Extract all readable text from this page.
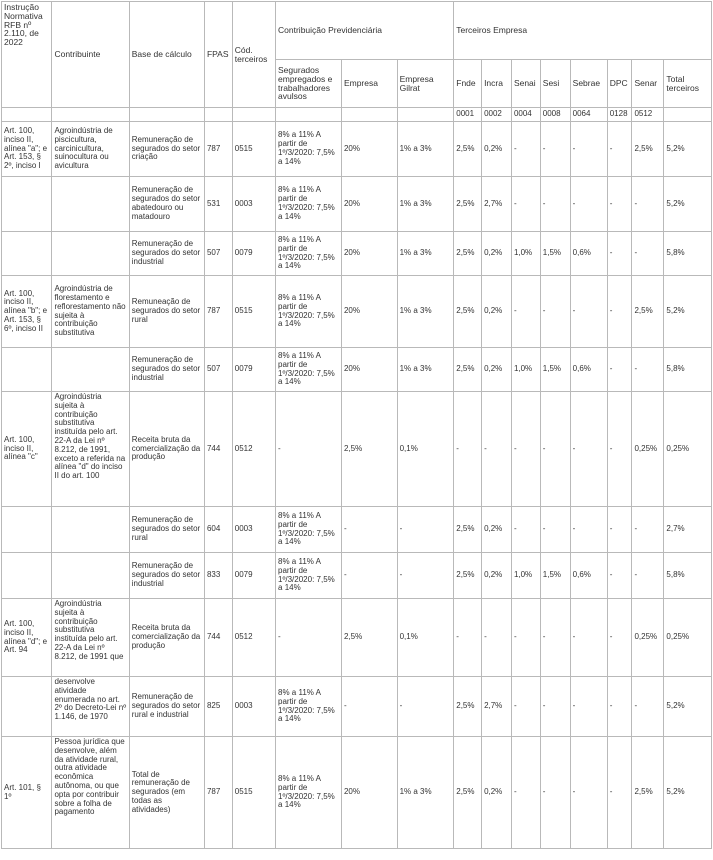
Instrução Normativa RFB nº 2.110, de 2022	Contribuinte	Base de cálculo	FPAS	Cód. terceiros	Contribuição Previdenciária			Terceiros Empresa							
					Segurados empregados e trabalhadores avulsos	Empresa	Empresa Gilrat	Fnde	Incra	Senai	Sesi	Sebrae	DPC	Senar	Total terceiros
								0001	0002	0004	0008	0064	0128	0512	
Art. 100, inciso II, alínea "a"; e Art. 153, § 2º, inciso I	Agroindústria de piscicultura, carcinicultura, suinocultura ou avicultura	Remuneração de segurados do setor criação	787	0515	8% a 11% A partir de 1º/3/2020: 7,5% a 14%	20%	1% a 3%	2,5%	0,2%	-	-	-	-	2,5%	5,2%
		Remuneração de segurados do setor abatedouro ou matadouro	531	0003	8% a 11% A partir de 1º/3/2020: 7,5% a 14%	20%	1% a 3%	2,5%	2,7%	-	-	-	-	-	5,2%
		Remuneração de segurados do setor industrial	507	0079	8% a 11% A partir de 1º/3/2020: 7,5% a 14%	20%	1% a 3%	2,5%	0,2%	1,0%	1,5%	0,6%	-	-	5,8%
Art. 100, inciso II, alínea "b"; e Art. 153, § 6º, inciso II	Agroindústria de florestamento e reflorestamento não sujeita à contribuição substitutiva	Remuneação de segurados do setor rural	787	0515	8% a 11% A partir de 1º/3/2020: 7,5% a 14%	20%	1% a 3%	2,5%	0,2%	-	-	-	-	2,5%	5,2%
		Remuneração de segurados do setor industrial	507	0079	8% a 11% A partir de 1º/3/2020: 7,5% a 14%	20%	1% a 3%	2,5%	0,2%	1,0%	1,5%	0,6%	-	-	5,8%
Art. 100, inciso II, alínea "c"	Agroindústria sujeita à contribuição substitutiva instituída pelo art. 22-A da Lei nº 8.212, de 1991, exceto a referida na alínea "d" do inciso II do art. 100	Receita bruta da comercialização da produção	744	0512	-	2,5%	0,1%	-	-	-	-	-	-	0,25%	0,25%
		Remuneração de segurados do setor rural	604	0003	8% a 11% A partir de 1º/3/2020: 7,5% a 14%	-	-	2,5%	0,2%	-	-	-	-	-	2,7%
		Remuneração de segurados do setor industrial	833	0079	8% a 11% A partir de 1º/3/2020: 7,5% a 14%	-	-	2,5%	0,2%	1,0%	1,5%	0,6%	-	-	5,8%
Art. 100, inciso II, alínea "d"; e Art. 94	Agroindústria sujeita à contribuição substitutiva instituída pelo art. 22-A da Lei nº 8.212, de 1991 que	Receita bruta da comercialização da produção	744	0512	-	2,5%	0,1%	-	-	-	-	-	-	0,25%	0,25%
	desenvolve atividade enumerada no art. 2º do Decreto-Lei nº 1.146, de 1970	Remuneração de segurados do setor rural e industrial	825	0003	8% a 11% A partir de 1º/3/2020: 7,5% a 14%	-	-	2,5%	2,7%	-	-	-	-	-	5,2%
Art. 101, § 1º	Pessoa jurídica que desenvolve, além da atividade rural, outra atividade econômica autônoma, ou que opta por contribuir sobre a folha de pagamento	Total de remuneração de segurados (em todas as atividades)	787	0515	8% a 11% A partir de 1º/3/2020: 7,5% a 14%	20%	1% a 3%	2,5%	0,2%	-	-	-	-	2,5%	5,2%
